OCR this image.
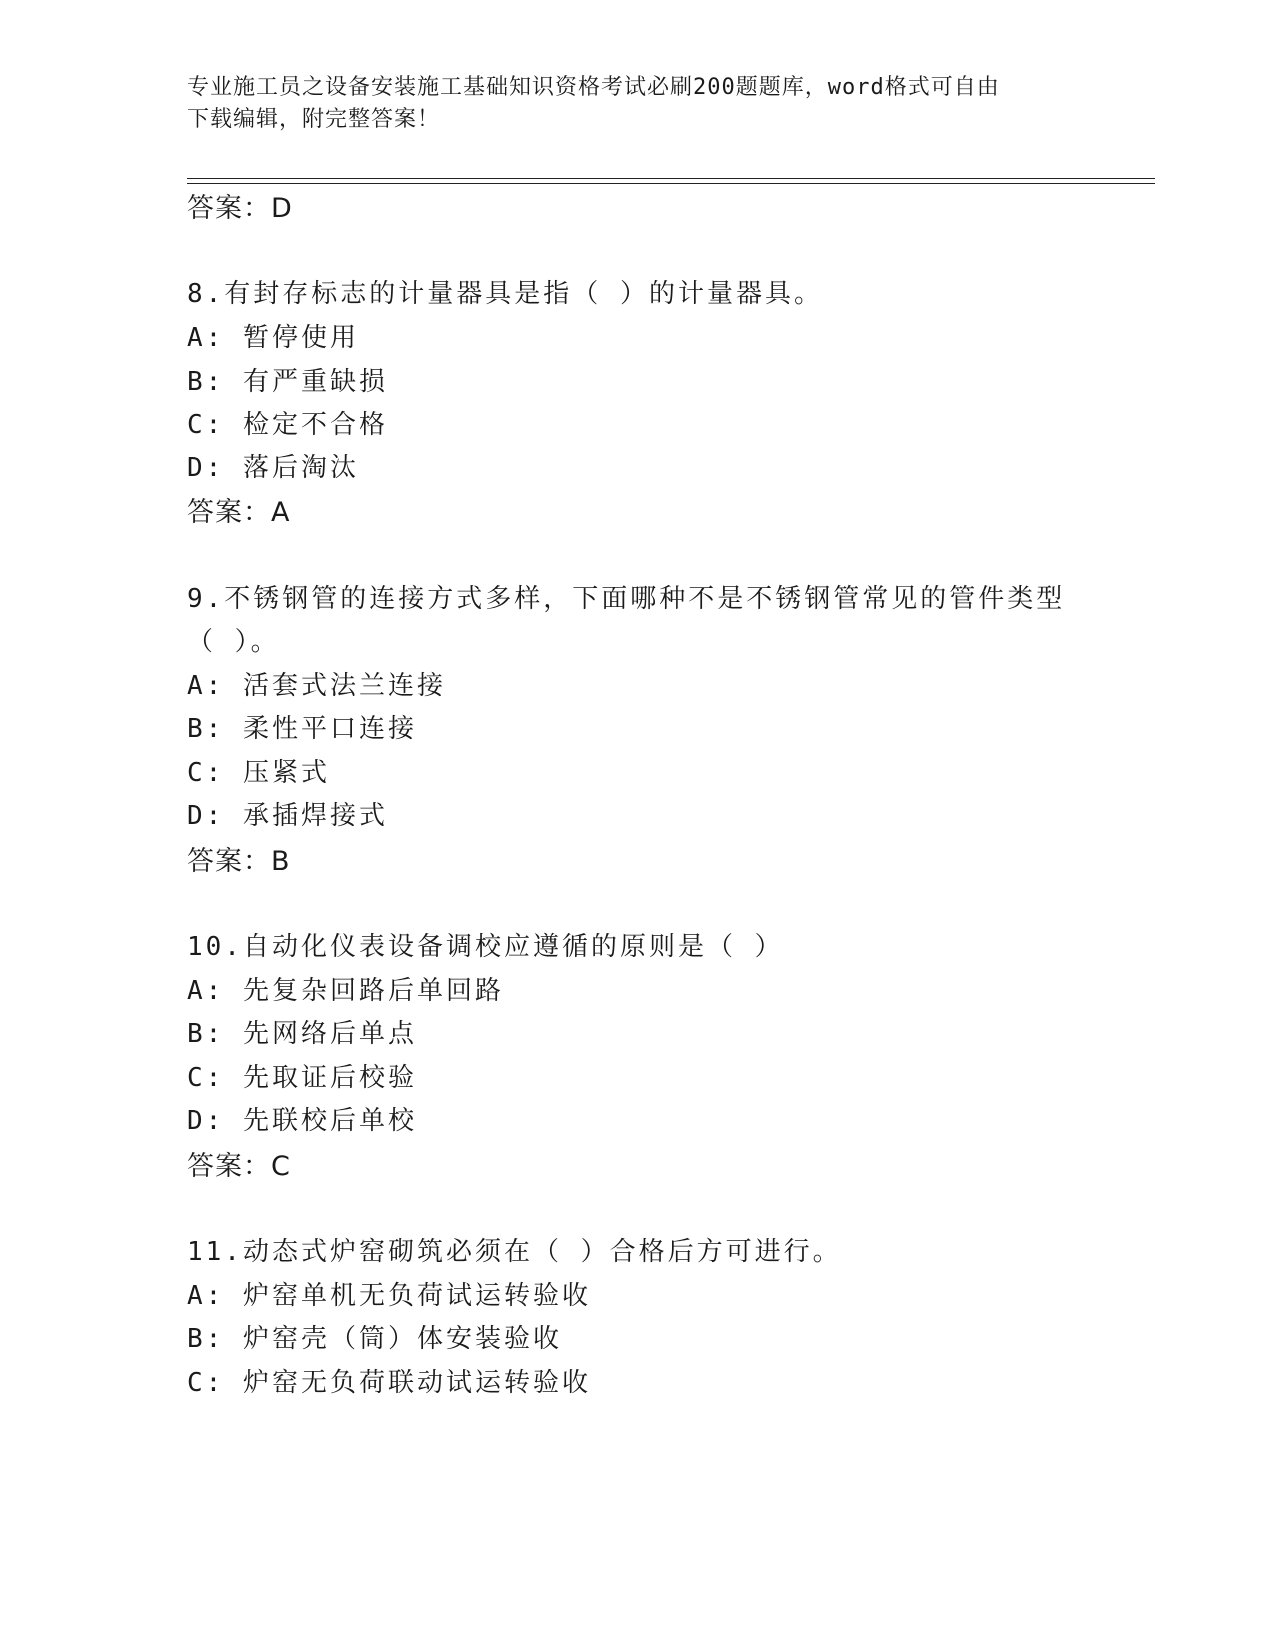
专业施工员之设备安装施工基础知识资格考试必刷200题题库，word格式可自由
下载编辑，附完整答案！
答案：D
8.有封存标志的计量器具是指（ ）的计量器具。
A: 暂停使用
B: 有严重缺损
C: 检定不合格
D: 落后淘汰
答案：A
9.不锈钢管的连接方式多样，下面哪种不是不锈钢管常见的管件类型
（ ）。
A: 活套式法兰连接
B: 柔性平口连接
C: 压紧式
D: 承插焊接式
答案：B
10.自动化仪表设备调校应遵循的原则是（ ）
A: 先复杂回路后单回路
B: 先网络后单点
C: 先取证后校验
D: 先联校后单校
答案：C
11.动态式炉窑砌筑必须在（ ）合格后方可进行。
A: 炉窑单机无负荷试运转验收
B: 炉窑壳（筒）体安装验收
C: 炉窑无负荷联动试运转验收
